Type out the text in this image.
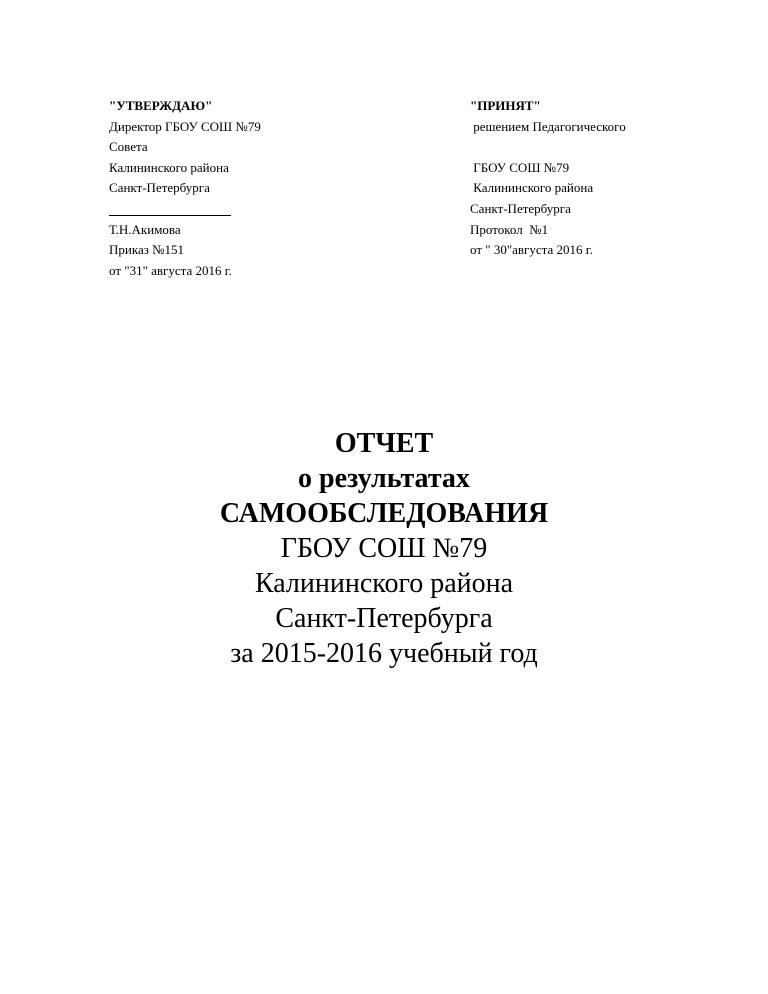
"УТВЕРЖДАЮ"
Директор ГБОУ СОШ №79
Совета
Калининского района
Санкт-Петербурга
Т.Н.Акимова
Приказ №151
от "31" августа 2016 г.
"ПРИНЯТ"
решением Педагогического
ГБОУ СОШ №79
Калининского района
Санкт-Петербурга
Протокол  №1
от " 30"августа 2016 г.
ОТЧЕТ
о результатах
САМООБСЛЕДОВАНИЯ
ГБОУ СОШ №79
Калининского района
Санкт-Петербурга
за 2015-2016 учебный год
